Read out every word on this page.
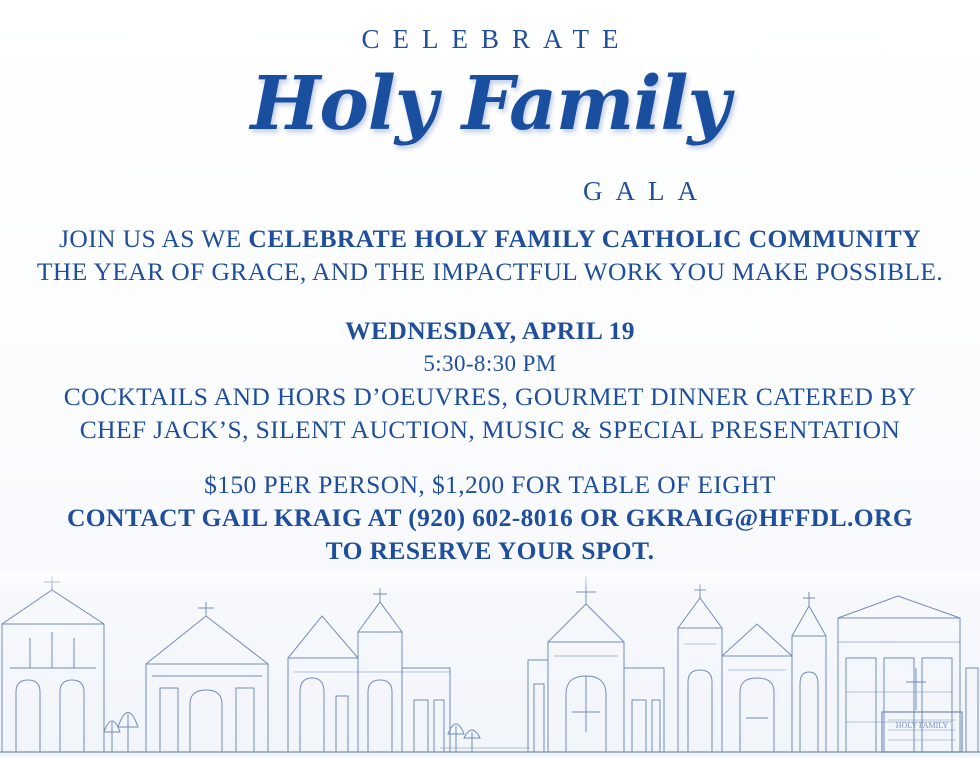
CELEBRATE
Holy Family
GALA
JOIN US AS WE CELEBRATE HOLY FAMILY CATHOLIC COMMUNITY
THE YEAR OF GRACE, AND THE IMPACTFUL WORK YOU MAKE POSSIBLE.
WEDNESDAY, APRIL 19
5:30-8:30 PM
COCKTAILS AND HORS D’OEUVRES, GOURMET DINNER CATERED BY
CHEF JACK’S, SILENT AUCTION, MUSIC & SPECIAL PRESENTATION
$150 PER PERSON, $1,200 FOR TABLE OF EIGHT
CONTACT GAIL KRAIG AT (920) 602-8016 OR GKRAIG@HFFDL.ORG
TO RESERVE YOUR SPOT.
HOLY FAMILY
